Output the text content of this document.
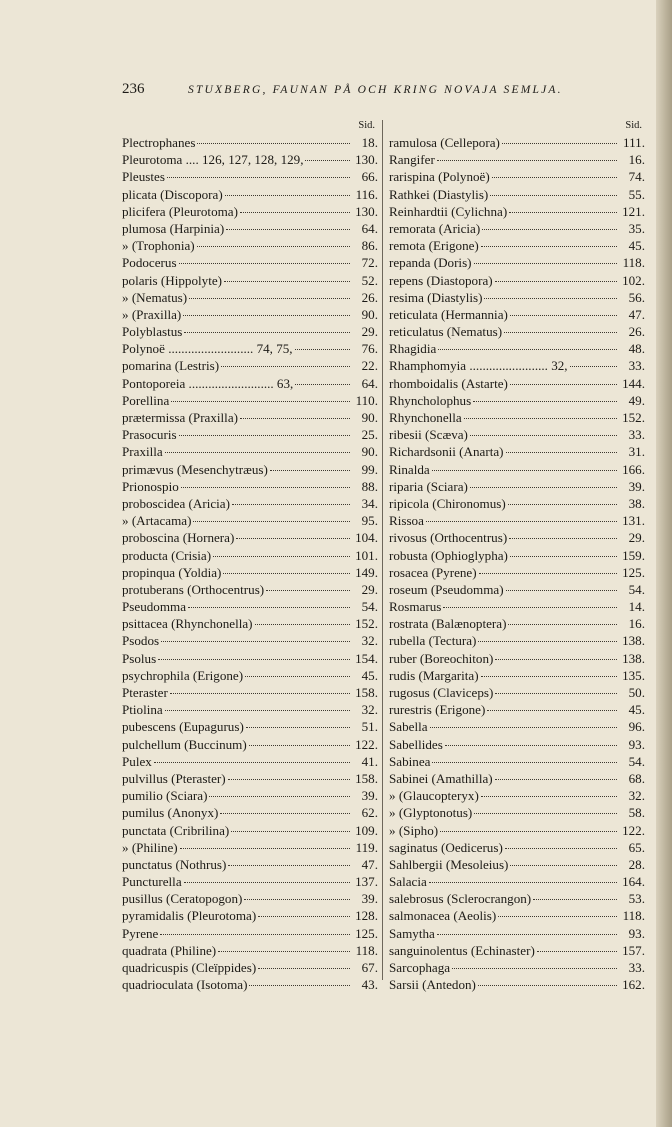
236	STUXBERG, FAUNAN PÅ OCH KRING NOVAJA SEMLJA.
Sid.
Plectrophanes	18.
Pleurotoma .... 126, 127, 128, 129,	130.
Pleustes	66.
plicata (Discopora)	116.
plicifera (Pleurotoma)	130.
plumosa (Harpinia)	64.
» (Trophonia)	86.
Podocerus	72.
polaris (Hippolyte)	52.
» (Nematus)	26.
» (Praxilla)	90.
Polyblastus	29.
Polynoë .......................... 74, 75,	76.
pomarina (Lestris)	22.
Pontoporeia .......................... 63,	64.
Porellina	110.
prætermissa (Praxilla)	90.
Prasocuris	25.
Praxilla	90.
primævus (Mesenchytræus)	99.
Prionospio	88.
proboscidea (Aricia)	34.
» (Artacama)	95.
proboscina (Hornera)	104.
producta (Crisia)	101.
propinqua (Yoldia)	149.
protuberans (Orthocentrus)	29.
Pseudomma	54.
psittacea (Rhynchonella)	152.
Psodos	32.
Psolus	154.
psychrophila (Erigone)	45.
Pteraster	158.
Ptiolina	32.
pubescens (Eupagurus)	51.
pulchellum (Buccinum)	122.
Pulex	41.
pulvillus (Pteraster)	158.
pumilio (Sciara)	39.
pumilus (Anonyx)	62.
punctata (Cribrilina)	109.
» (Philine)	119.
punctatus (Nothrus)	47.
Puncturella	137.
pusillus (Ceratopogon)	39.
pyramidalis (Pleurotoma)	128.
Pyrene	125.
quadrata (Philine)	118.
quadricuspis (Cleïppides)	67.
quadrioculata (Isotoma)	43.
Sid.
ramulosa (Cellepora)	111.
Rangifer	16.
rarispina (Polynoë)	74.
Rathkei (Diastylis)	55.
Reinhardtii (Cylichna)	121.
remorata (Aricia)	35.
remota (Erigone)	45.
repanda (Doris)	118.
repens (Diastopora)	102.
resima (Diastylis)	56.
reticulata (Hermannia)	47.
reticulatus (Nematus)	26.
Rhagidia	48.
Rhamphomyia ........................ 32,	33.
rhomboidalis (Astarte)	144.
Rhyncholophus	49.
Rhynchonella	152.
ribesii (Scæva)	33.
Richardsonii (Anarta)	31.
Rinalda	166.
riparia (Sciara)	39.
ripicola (Chironomus)	38.
Rissoa	131.
rivosus (Orthocentrus)	29.
robusta (Ophioglypha)	159.
rosacea (Pyrene)	125.
roseum (Pseudomma)	54.
Rosmarus	14.
rostrata (Balænoptera)	16.
rubella (Tectura)	138.
ruber (Boreochiton)	138.
rudis (Margarita)	135.
rugosus (Claviceps)	50.
rurestris (Erigone)	45.
Sabella	96.
Sabellides	93.
Sabinea	54.
Sabinei (Amathilla)	68.
» (Glaucopteryx)	32.
» (Glyptonotus)	58.
» (Sipho)	122.
saginatus (Oedicerus)	65.
Sahlbergii (Mesoleius)	28.
Salacia	164.
salebrosus (Sclerocrangon)	53.
salmonacea (Aeolis)	118.
Samytha	93.
sanguinolentus (Echinaster)	157.
Sarcophaga	33.
Sarsii (Antedon)	162.
